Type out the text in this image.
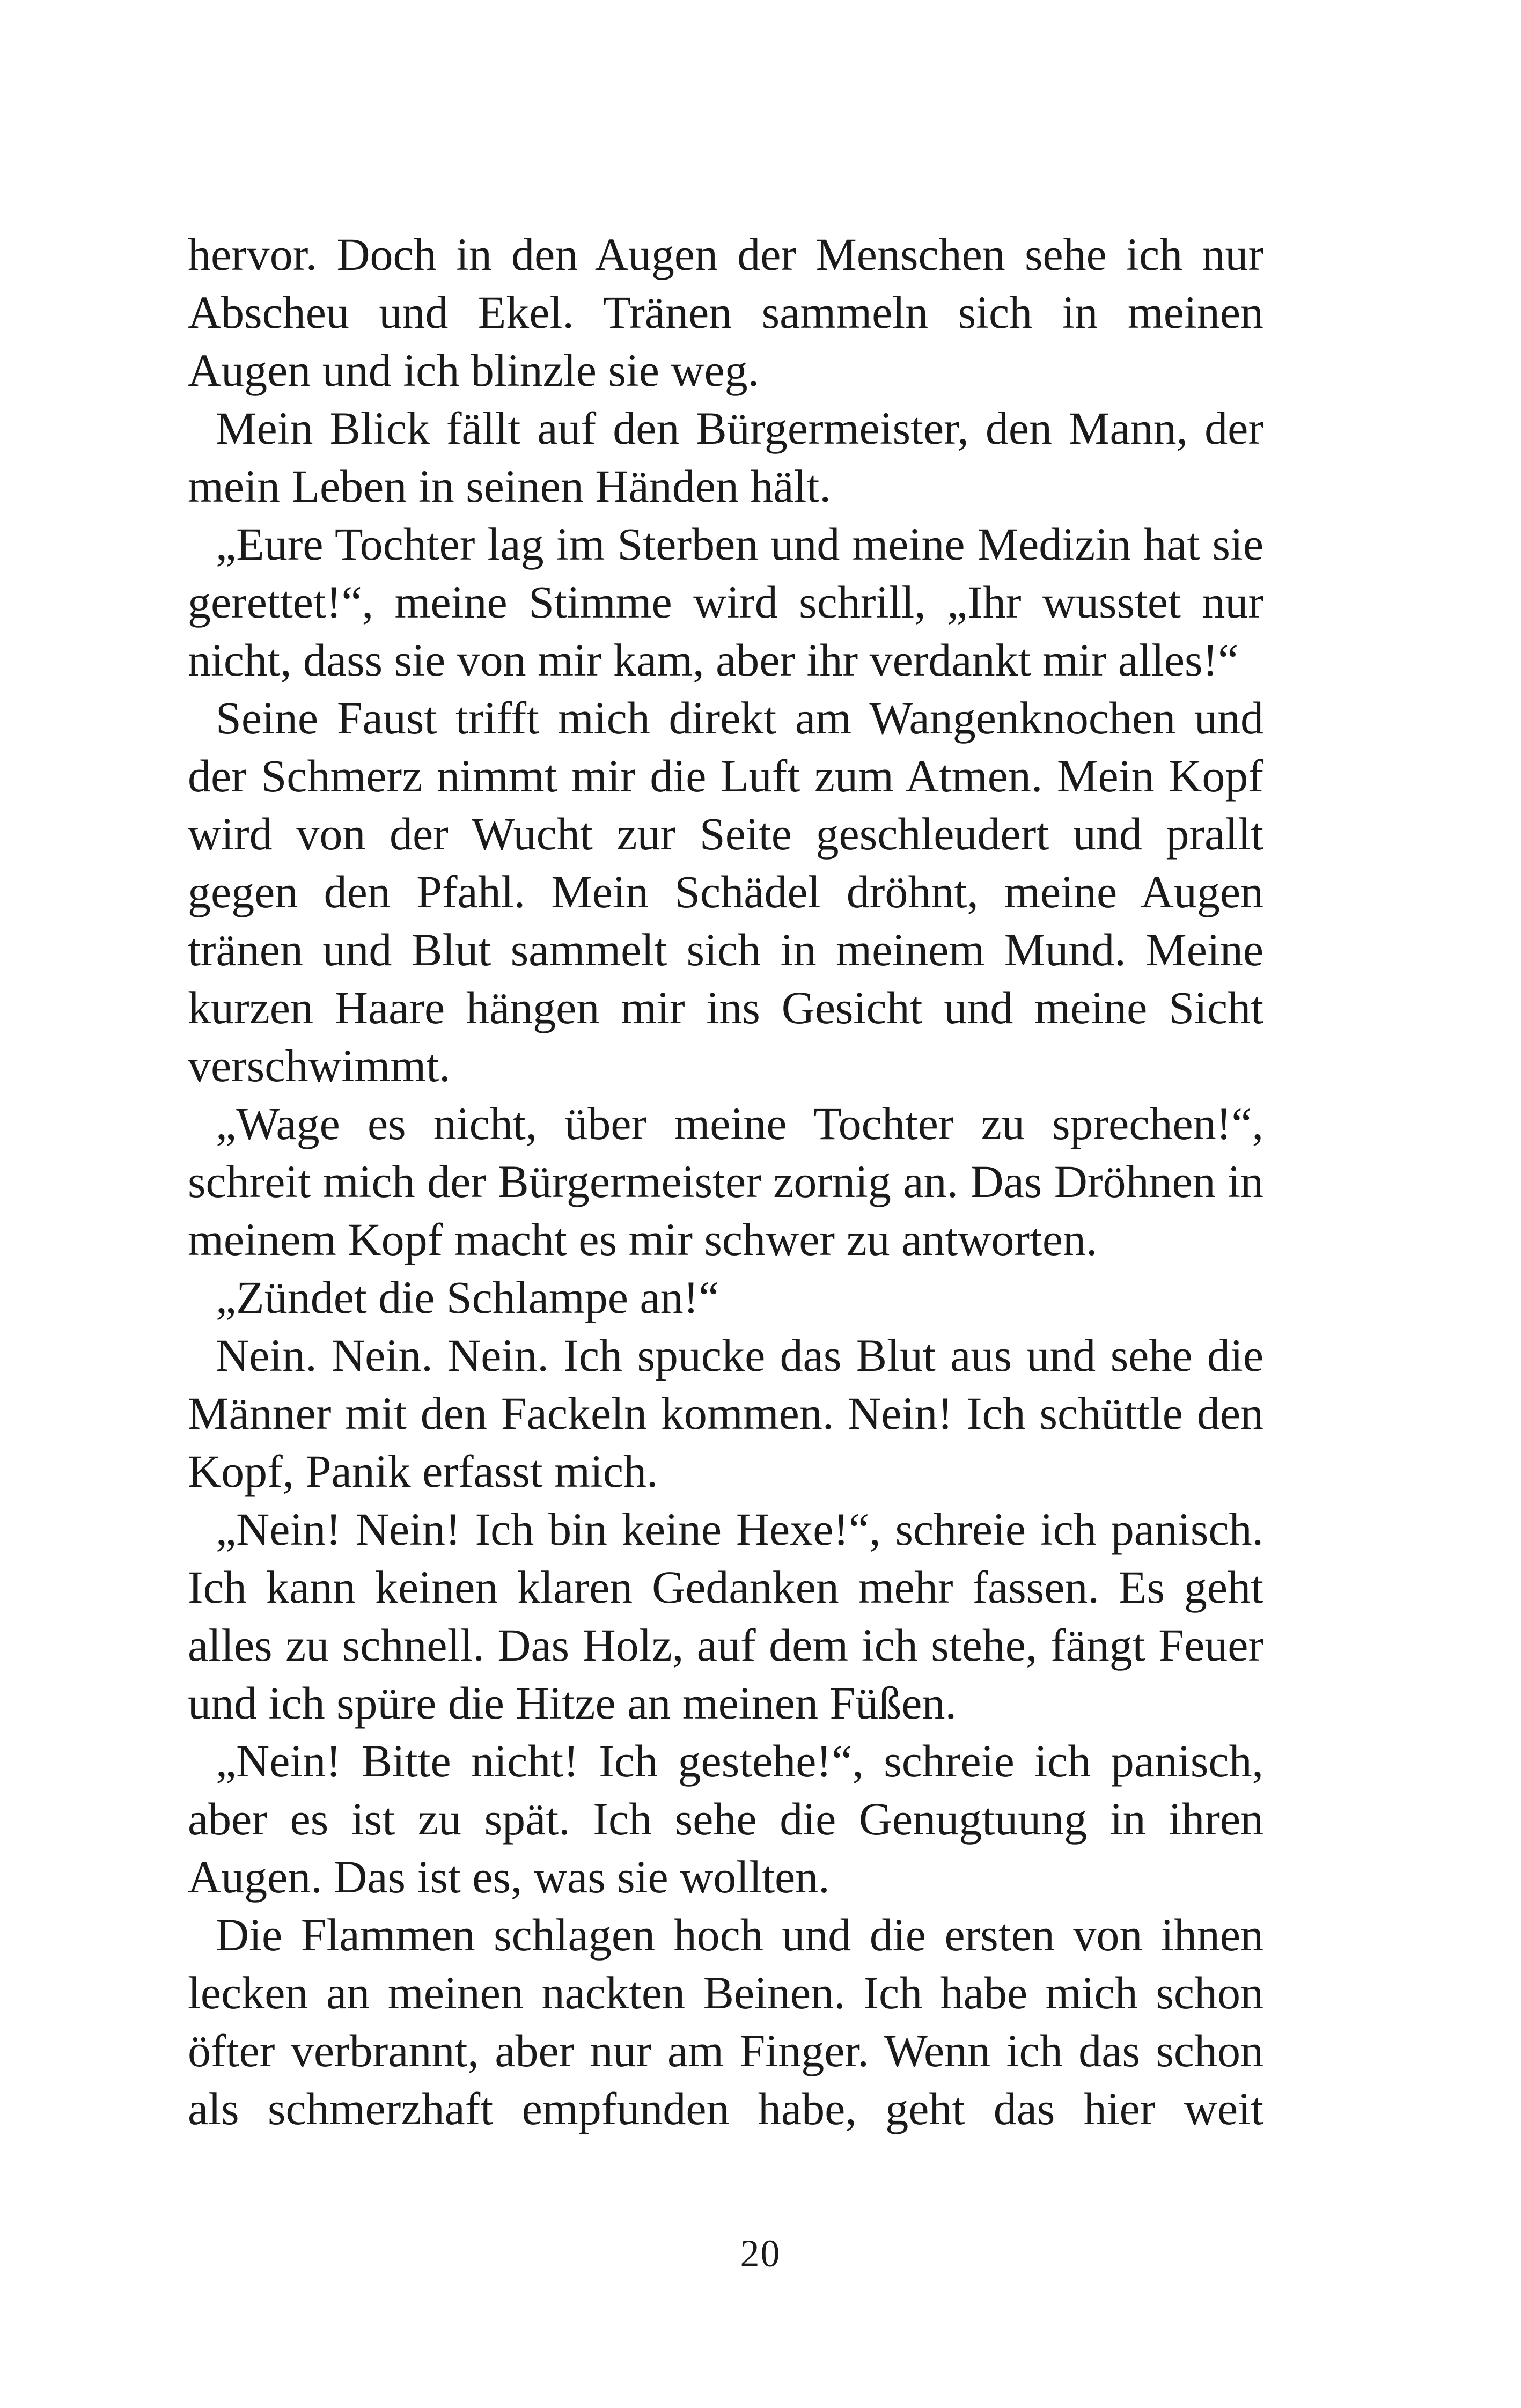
hervor. Doch in den Augen der Menschen sehe ich nur Abscheu und Ekel. Tränen sammeln sich in meinen Augen und ich blinzle sie weg.

Mein Blick fällt auf den Bürgermeister, den Mann, der mein Leben in seinen Händen hält.

„Eure Tochter lag im Sterben und meine Medizin hat sie gerettet!“, meine Stimme wird schrill, „Ihr wusstet nur nicht, dass sie von mir kam, aber ihr verdankt mir alles!“

Seine Faust trifft mich direkt am Wangenknochen und der Schmerz nimmt mir die Luft zum Atmen. Mein Kopf wird von der Wucht zur Seite geschleudert und prallt gegen den Pfahl. Mein Schädel dröhnt, meine Augen tränen und Blut sammelt sich in meinem Mund. Meine kurzen Haare hängen mir ins Gesicht und meine Sicht verschwimmt.

„Wage es nicht, über meine Tochter zu sprechen!“, schreit mich der Bürgermeister zornig an. Das Dröhnen in meinem Kopf macht es mir schwer zu antworten.

„Zündet die Schlampe an!“

Nein. Nein. Nein. Ich spucke das Blut aus und sehe die Männer mit den Fackeln kommen. Nein! Ich schüttle den Kopf, Panik erfasst mich.

„Nein! Nein! Ich bin keine Hexe!“, schreie ich panisch. Ich kann keinen klaren Gedanken mehr fassen. Es geht alles zu schnell. Das Holz, auf dem ich stehe, fängt Feuer und ich spüre die Hitze an meinen Füßen.

„Nein! Bitte nicht! Ich gestehe!“, schreie ich panisch, aber es ist zu spät. Ich sehe die Genugtuung in ihren Augen. Das ist es, was sie wollten.

Die Flammen schlagen hoch und die ersten von ihnen lecken an meinen nackten Beinen. Ich habe mich schon öfter verbrannt, aber nur am Finger. Wenn ich das schon als schmerzhaft empfunden habe, geht das hier weit

20
